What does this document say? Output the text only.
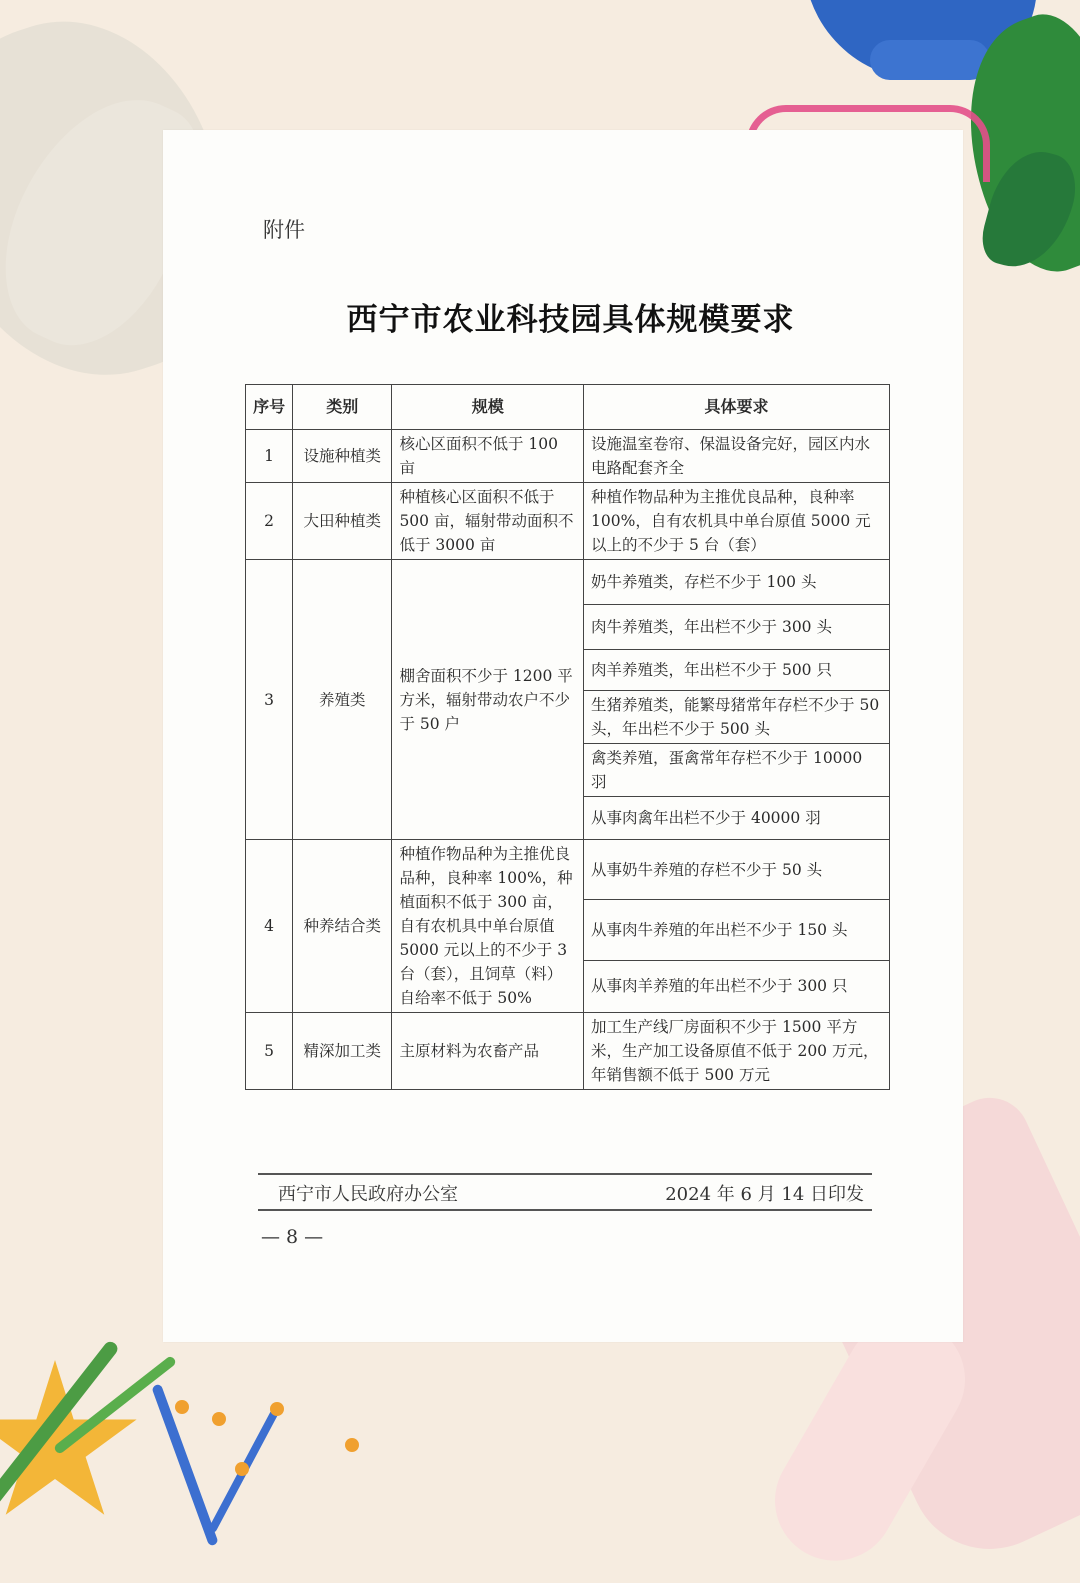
附件
西宁市农业科技园具体规模要求
序号	类别	规模	具体要求
1	设施种植类	核心区面积不低于 100 亩	设施温室卷帘、保温设备完好，园区内水电路配套齐全
2	大田种植类	种植核心区面积不低于 500 亩，辐射带动面积不低于 3000 亩	种植作物品种为主推优良品种，良种率 100%，自有农机具中单台原值 5000 元以上的不少于 5 台（套）
3	养殖类	棚舍面积不少于 1200 平方米，辐射带动农户不少于 50 户	奶牛养殖类，存栏不少于 100 头
			肉牛养殖类，年出栏不少于 300 头
			肉羊养殖类，年出栏不少于 500 只
			生猪养殖类，能繁母猪常年存栏不少于 50 头，年出栏不少于 500 头
			禽类养殖，蛋禽常年存栏不少于 10000 羽
			从事肉禽年出栏不少于 40000 羽
4	种养结合类	种植作物品种为主推优良品种，良种率 100%，种植面积不低于 300 亩，自有农机具中单台原值 5000 元以上的不少于 3 台（套），且饲草（料）自给率不低于 50%	从事奶牛养殖的存栏不少于 50 头
			从事肉牛养殖的年出栏不少于 150 头
			从事肉羊养殖的年出栏不少于 300 只
5	精深加工类	主原材料为农畜产品	加工生产线厂房面积不少于 1500 平方米，生产加工设备原值不低于 200 万元，年销售额不低于 500 万元
西宁市人民政府办公室	2024 年 6 月 14 日印发
— 8 —
